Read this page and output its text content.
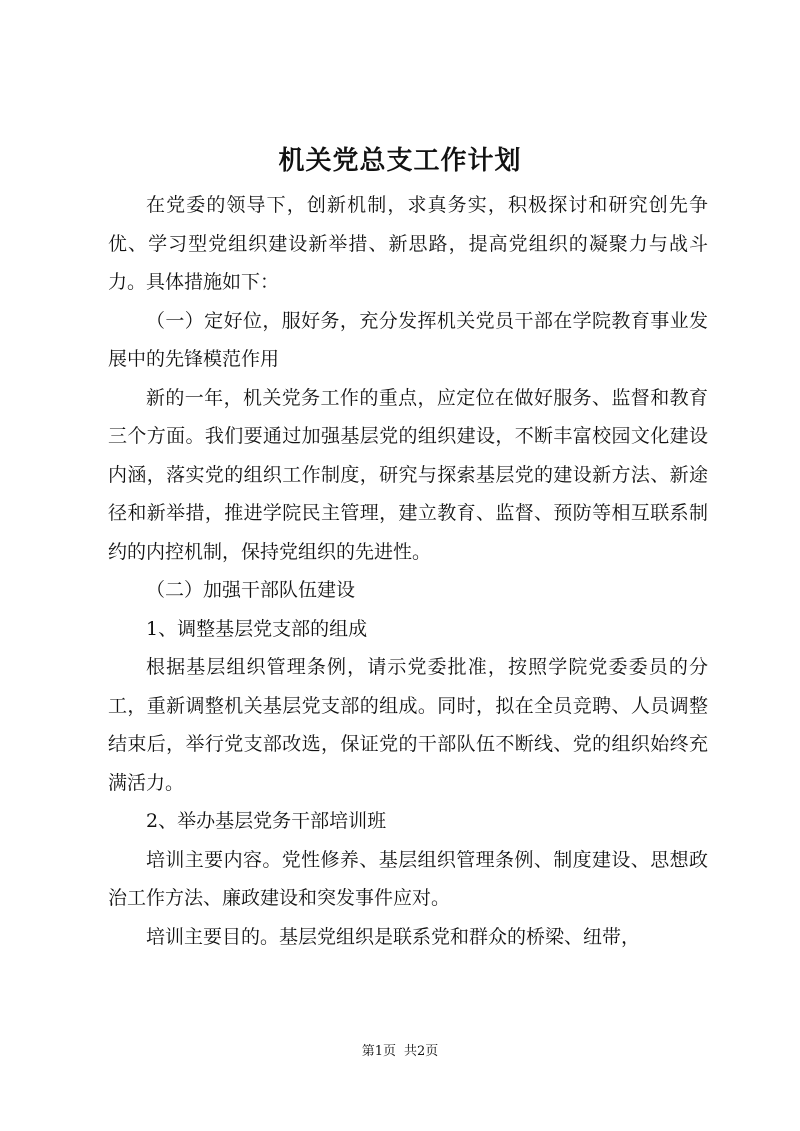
机关党总支工作计划

在党委的领导下，创新机制，求真务实，积极探讨和研究创先争优、学习型党组织建设新举措、新思路，提高党组织的凝聚力与战斗力。具体措施如下：

（一）定好位，服好务，充分发挥机关党员干部在学院教育事业发展中的先锋模范作用

新的一年，机关党务工作的重点，应定位在做好服务、监督和教育三个方面。我们要通过加强基层党的组织建设，不断丰富校园文化建设内涵，落实党的组织工作制度，研究与探索基层党的建设新方法、新途径和新举措，推进学院民主管理，建立教育、监督、预防等相互联系制约的内控机制，保持党组织的先进性。

（二）加强干部队伍建设

1、调整基层党支部的组成

根据基层组织管理条例，请示党委批准，按照学院党委委员的分工，重新调整机关基层党支部的组成。同时，拟在全员竞聘、人员调整结束后，举行党支部改选，保证党的干部队伍不断线、党的组织始终充满活力。

2、举办基层党务干部培训班

培训主要内容。党性修养、基层组织管理条例、制度建设、思想政治工作方法、廉政建设和突发事件应对。

培训主要目的。基层党组织是联系党和群众的桥梁、纽带，

第1页 共2页
